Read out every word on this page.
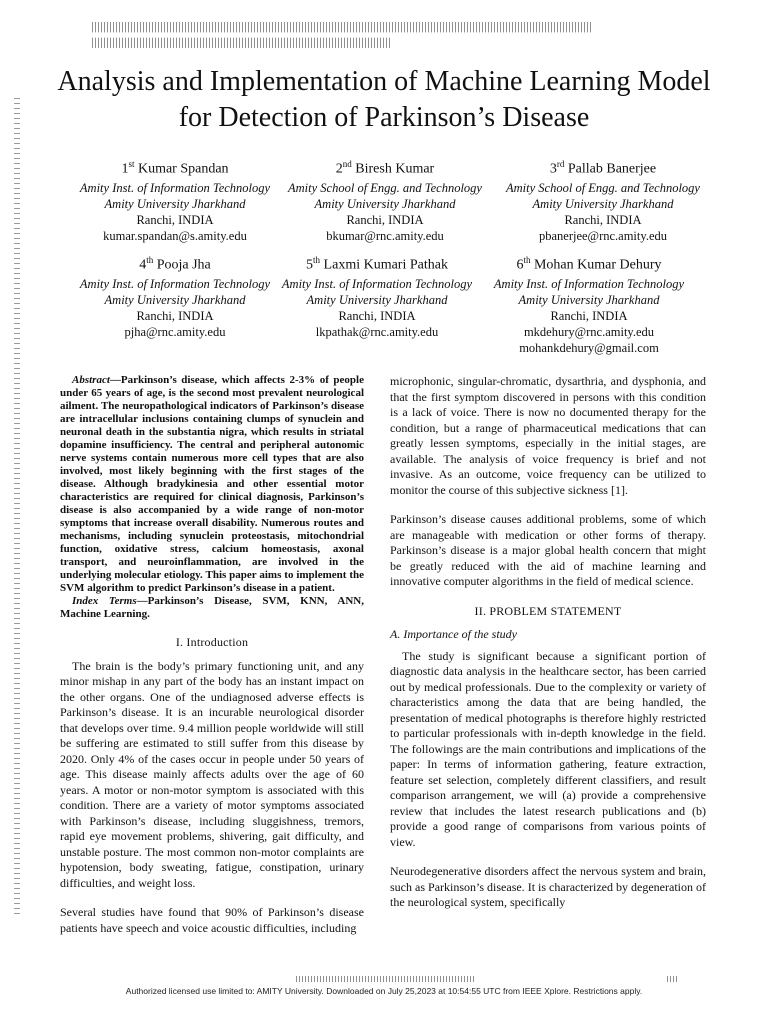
Analysis and Implementation of Machine Learning Model for Detection of Parkinson’s Disease
1st Kumar Spandan
Amity Inst. of Information Technology
Amity University Jharkhand
Ranchi, INDIA
kumar.spandan@s.amity.edu
2nd Biresh Kumar
Amity School of Engg. and Technology
Amity University Jharkhand
Ranchi, INDIA
bkumar@rnc.amity.edu
3rd Pallab Banerjee
Amity School of Engg. and Technology
Amity University Jharkhand
Ranchi, INDIA
pbanerjee@rnc.amity.edu
4th Pooja Jha
Amity Inst. of Information Technology
Amity University Jharkhand
Ranchi, INDIA
pjha@rnc.amity.edu
5th Laxmi Kumari Pathak
Amity Inst. of Information Technology
Amity University Jharkhand
Ranchi, INDIA
lkpathak@rnc.amity.edu
6th Mohan Kumar Dehury
Amity Inst. of Information Technology
Amity University Jharkhand
Ranchi, INDIA
mkdehury@rnc.amity.edu
mohankdehury@gmail.com

Abstract—Parkinson’s disease, which affects 2-3% of people under 65 years of age, is the second most prevalent neurological ailment. The neuropathological indicators of Parkinson’s disease are intracellular inclusions containing clumps of synuclein and neuronal death in the substantia nigra, which results in striatal dopamine insufficiency. The central and peripheral autonomic nerve systems contain numerous more cell types that are also involved, most likely beginning with the first stages of the disease. Although bradykinesia and other essential motor characteristics are required for clinical diagnosis, Parkinson’s disease is also accompanied by a wide range of non-motor symptoms that increase overall disability. Numerous routes and mechanisms, including synuclein proteostasis, mitochondrial function, oxidative stress, calcium homeostasis, axonal transport, and neuroinflammation, are involved in the underlying molecular etiology. This paper aims to implement the SVM algorithm to predict Parkinson’s disease in a patient.

Index Terms—Parkinson’s Disease, SVM, KNN, ANN, Machine Learning.

I. Introduction

The brain is the body’s primary functioning unit, and any minor mishap in any part of the body has an instant impact on the other organs. One of the undiagnosed adverse effects is Parkinson’s disease. It is an incurable neurological disorder that develops over time. 9.4 million people worldwide will still be suffering are estimated to still suffer from this disease by 2020. Only 4% of the cases occur in people under 50 years of age. This disease mainly affects adults over the age of 60 years. A motor or non-motor symptom is associated with this condition. There are a variety of motor symptoms associated with Parkinson’s disease, including sluggishness, tremors, rapid eye movement problems, shivering, gait difficulty, and unstable posture. The most common non-motor complaints are hypotension, body sweating, fatigue, constipation, urinary difficulties, and weight loss.

Several studies have found that 90% of Parkinson’s disease patients have speech and voice acoustic difficulties, including

microphonic, singular-chromatic, dysarthria, and dysphonia, and that the first symptom discovered in persons with this condition is a lack of voice. There is now no documented therapy for the condition, but a range of pharmaceutical medications that can greatly lessen symptoms, especially in the initial stages, are available. The analysis of voice frequency is brief and not invasive. As an outcome, voice frequency can be utilized to monitor the course of this subjective sickness [1].

Parkinson’s disease causes additional problems, some of which are manageable with medication or other forms of therapy. Parkinson’s disease is a major global health concern that might be greatly reduced with the aid of machine learning and innovative computer algorithms in the field of medical science.

II. PROBLEM STATEMENT
A. Importance of the study

The study is significant because a significant portion of diagnostic data analysis in the healthcare sector, has been carried out by medical professionals. Due to the complexity or variety of characteristics among the data that are being handled, the presentation of medical photographs is therefore highly restricted to particular professionals with in-depth knowledge in the field. The followings are the main contributions and implications of the paper: In terms of information gathering, feature extraction, feature set selection, completely different classifiers, and result comparison arrangement, we will (a) provide a comprehensive review that includes the latest research publications and (b) provide a good range of comparisons from various points of view.

Neurodegenerative disorders affect the nervous system and brain, such as Parkinson’s disease. It is characterized by degeneration of the neurological system, specifically

Authorized licensed use limited to: AMITY University. Downloaded on July 25,2023 at 10:54:55 UTC from IEEE Xplore. Restrictions apply.
